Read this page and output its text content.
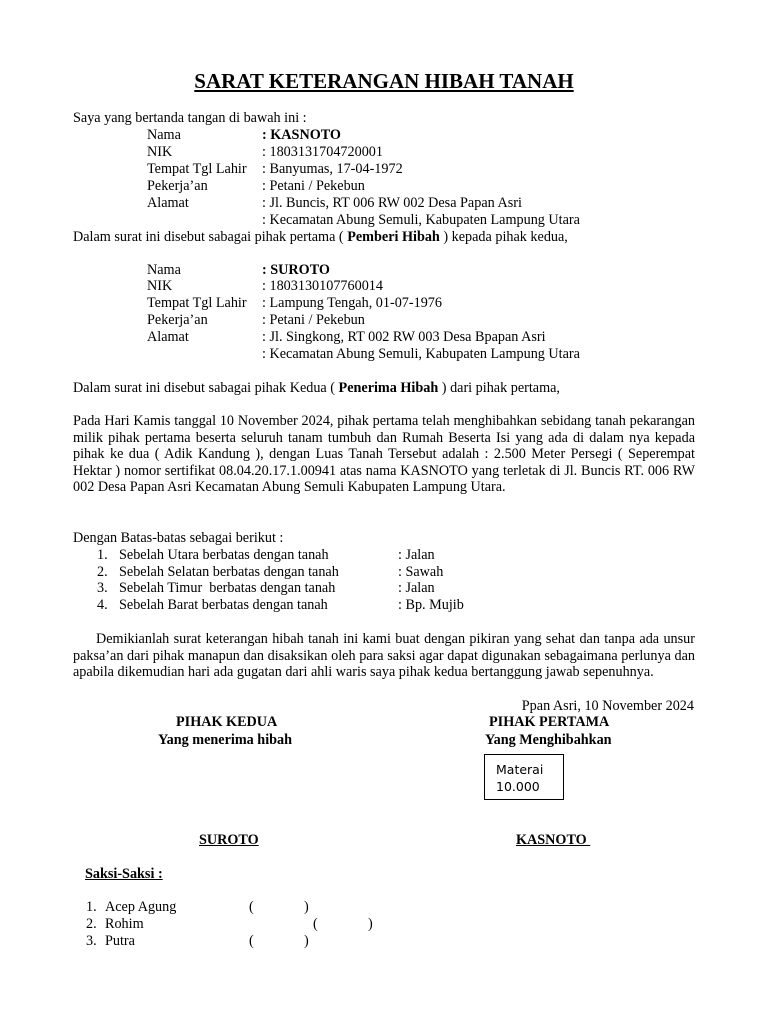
SARAT KETERANGAN HIBAH TANAH
Saya yang bertanda tangan di bawah ini :
Nama	: KASNOTO
NIK	: 1803131704720001
Tempat Tgl Lahir : Banyumas, 17-04-1972
Pekerja’an	: Petani / Pekebun
Alamat	: Jl. Buncis, RT 006 RW 002 Desa Papan Asri
: Kecamatan Abung Semuli, Kabupaten Lampung Utara
Dalam surat ini disebut sabagai pihak pertama ( Pemberi Hibah ) kepada pihak kedua,
Nama	: SUROTO
NIK	: 1803130107760014
Tempat Tgl Lahir : Lampung Tengah, 01-07-1976
Pekerja’an	: Petani / Pekebun
Alamat	: Jl. Singkong, RT 002 RW 003 Desa Bpapan Asri
: Kecamatan Abung Semuli, Kabupaten Lampung Utara
Dalam surat ini disebut sabagai pihak Kedua ( Penerima Hibah ) dari pihak pertama,
Pada Hari Kamis tanggal 10 November 2024, pihak pertama telah menghibahkan sebidang tanah pekarangan milik pihak pertama beserta seluruh tanam tumbuh dan Rumah Beserta Isi yang ada di dalam nya kepada pihak ke dua ( Adik Kandung ), dengan Luas Tanah Tersebut adalah : 2.500 Meter Persegi ( Seperempat Hektar ) nomor sertifikat 08.04.20.17.1.00941 atas nama KASNOTO yang terletak di Jl. Buncis RT. 006 RW 002 Desa Papan Asri Kecamatan Abung Semuli Kabupaten Lampung Utara.
Dengan Batas-batas sebagai berikut :
1. Sebelah Utara berbatas dengan tanah	: Jalan
2. Sebelah Selatan berbatas dengan tanah	: Sawah
3. Sebelah Timur  berbatas dengan tanah	: Jalan
4. Sebelah Barat berbatas dengan tanah	: Bp. Mujib
Demikianlah surat keterangan hibah tanah ini kami buat dengan pikiran yang sehat dan tanpa ada unsur paksa’an dari pihak manapun dan disaksikan oleh para saksi agar dapat digunakan sebagaimana perlunya dan apabila dikemudian hari ada gugatan dari ahli waris saya pihak kedua bertanggung jawab sepenuhnya.
Ppan Asri, 10 November 2024
PIHAK KEDUA
Yang menerima hibah
PIHAK PERTAMA
Yang Menghibahkan
Materai
10.000
SUROTO	KASNOTO
Saksi-Saksi :
1. Acep Agung	(	)
2. Rohim	(	)
3. Putra	(	)
